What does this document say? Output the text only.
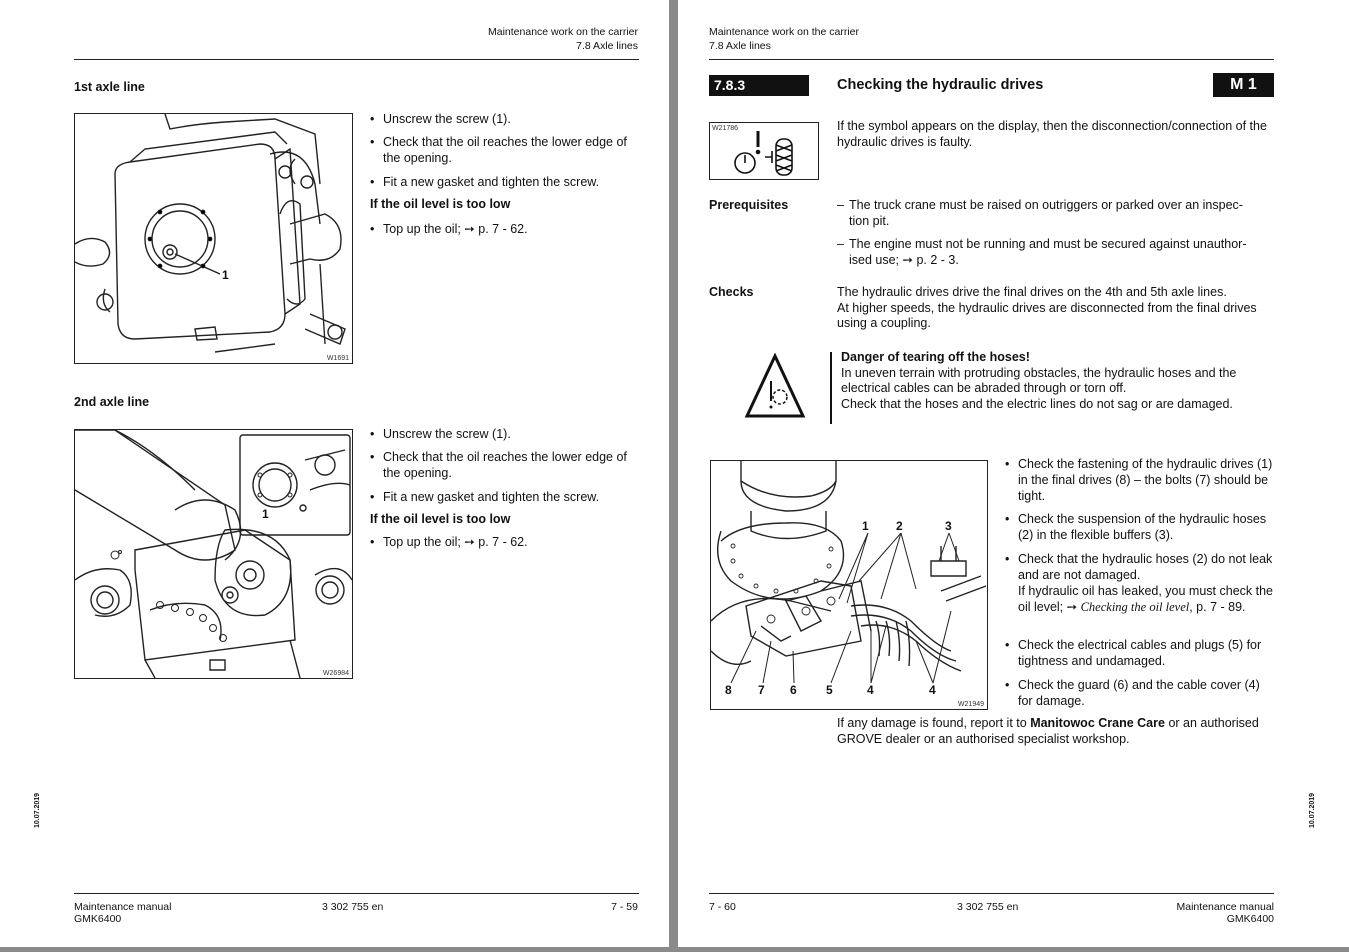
Maintenance work on the carrier
7.8 Axle lines
1st axle line
1
W1691
• Unscrew the screw (1).
• Check that the oil reaches the lower edge of the opening.
• Fit a new gasket and tighten the screw.
If the oil level is too low
• Top up the oil; ➙ p. 7 - 62.
2nd axle line
1
W26984
• Unscrew the screw (1).
• Check that the oil reaches the lower edge of the opening.
• Fit a new gasket and tighten the screw.
If the oil level is too low
• Top up the oil; ➙ p. 7 - 62.
10.07.2019
Maintenance manual
GMK6400
3 302 755 en	7 - 59
Maintenance work on the carrier
7.8 Axle lines
7.8.3	Checking the hydraulic drives	M 1
W21786	If the symbol appears on the display, then the disconnection/connection of the hydraulic drives is faulty.
Prerequisites	– The truck crane must be raised on outriggers or parked over an inspec-
tion pit.
– The engine must not be running and must be secured against unauthor-
ised use; ➙ p. 2 - 3.
Checks	The hydraulic drives drive the final drives on the 4th and 5th axle lines.
At higher speeds, the hydraulic drives are disconnected from the final drives
using a coupling.
Danger of tearing off the hoses!
In uneven terrain with protruding obstacles, the hydraulic hoses and the
electrical cables can be abraded through or torn off.
Check that the hoses and the electric lines do not sag or are damaged.
1 2	3
8 7 6 5	4	4
W21949
• Check the fastening of the hydraulic drives (1) in the final drives (8) – the bolts (7) should be tight.
• Check the suspension of the hydraulic hoses (2) in the flexible buffers (3).
• Check that the hydraulic hoses (2) do not leak and are not damaged.
If hydraulic oil has leaked, you must check the oil level; ➙ Checking the oil level, p. 7 - 89.
• Check the electrical cables and plugs (5) for tightness and undamaged.
• Check the guard (6) and the cable cover (4) for damage.
If any damage is found, report it to Manitowoc Crane Care or an authorised
GROVE dealer or an authorised specialist workshop.
10.07.2019
7 - 60	3 302 755 en	Maintenance manual
GMK6400
